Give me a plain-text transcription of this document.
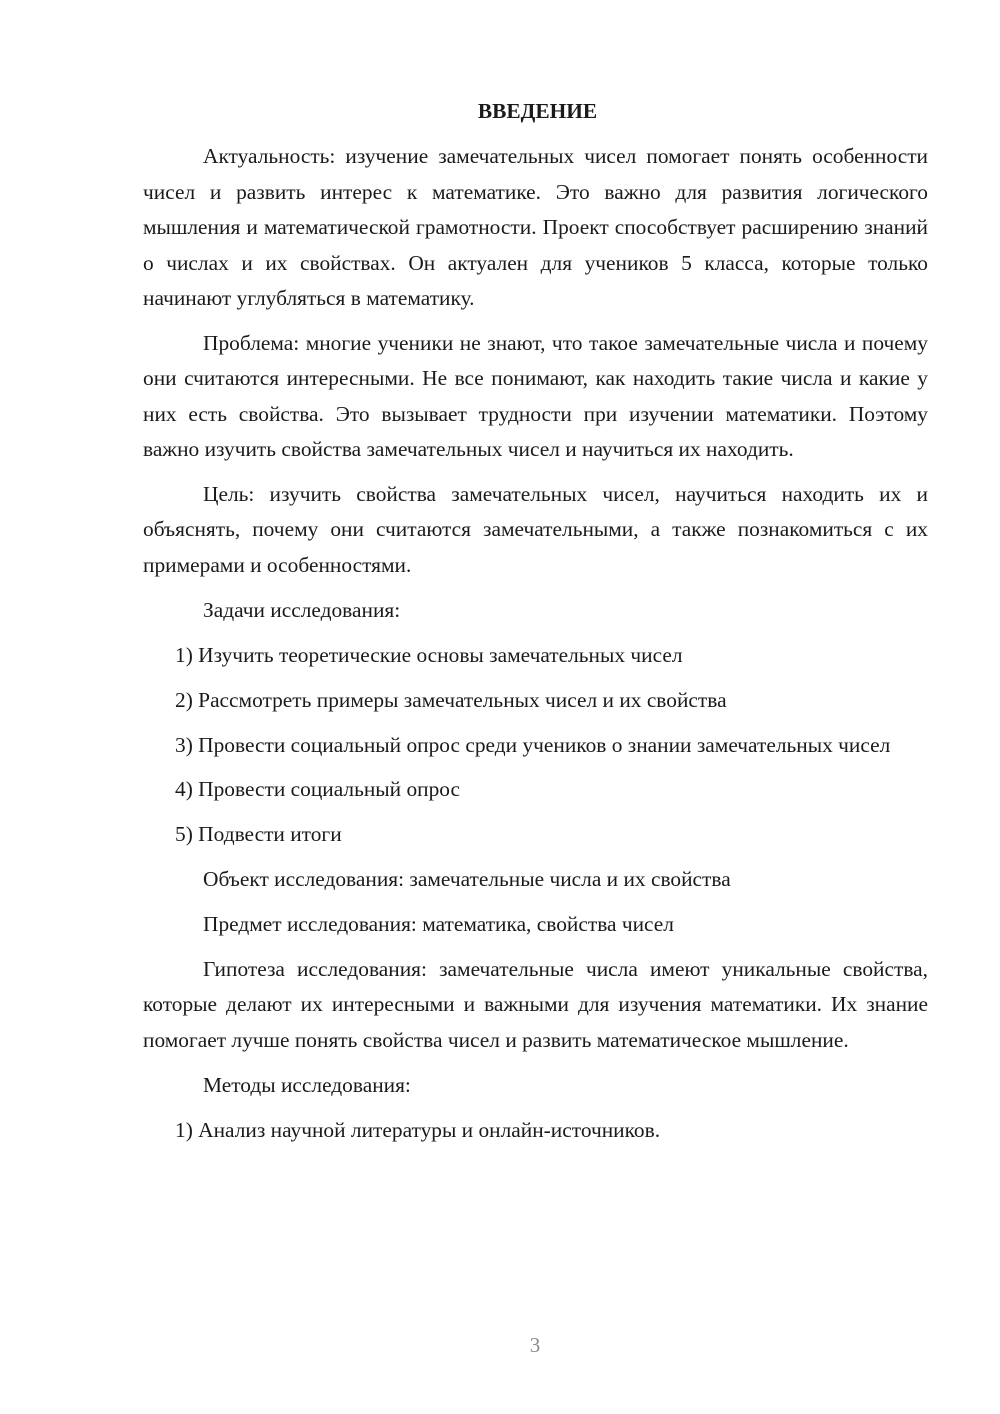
ВВЕДЕНИЕ

Актуальность: изучение замечательных чисел помогает понять особенности чисел и развить интерес к математике. Это важно для развития логического мышления и математической грамотности. Проект способствует расширению знаний о числах и их свойствах. Он актуален для учеников 5 класса, которые только начинают углубляться в математику.

Проблема: многие ученики не знают, что такое замечательные числа и почему они считаются интересными. Не все понимают, как находить такие числа и какие у них есть свойства. Это вызывает трудности при изучении математики. Поэтому важно изучить свойства замечательных чисел и научиться их находить.

Цель: изучить свойства замечательных чисел, научиться находить их и объяснять, почему они считаются замечательными, а также познакомиться с их примерами и особенностями.

Задачи исследования:

1) Изучить теоретические основы замечательных чисел

2) Рассмотреть примеры замечательных чисел и их свойства

3) Провести социальный опрос среди учеников о знании замечательных чисел

4) Провести социальный опрос

5) Подвести итоги

Объект исследования: замечательные числа и их свойства

Предмет исследования: математика, свойства чисел

Гипотеза исследования: замечательные числа имеют уникальные свойства, которые делают их интересными и важными для изучения математики. Их знание помогает лучше понять свойства чисел и развить математическое мышление.

Методы исследования:

1) Анализ научной литературы и онлайн-источников.

3
